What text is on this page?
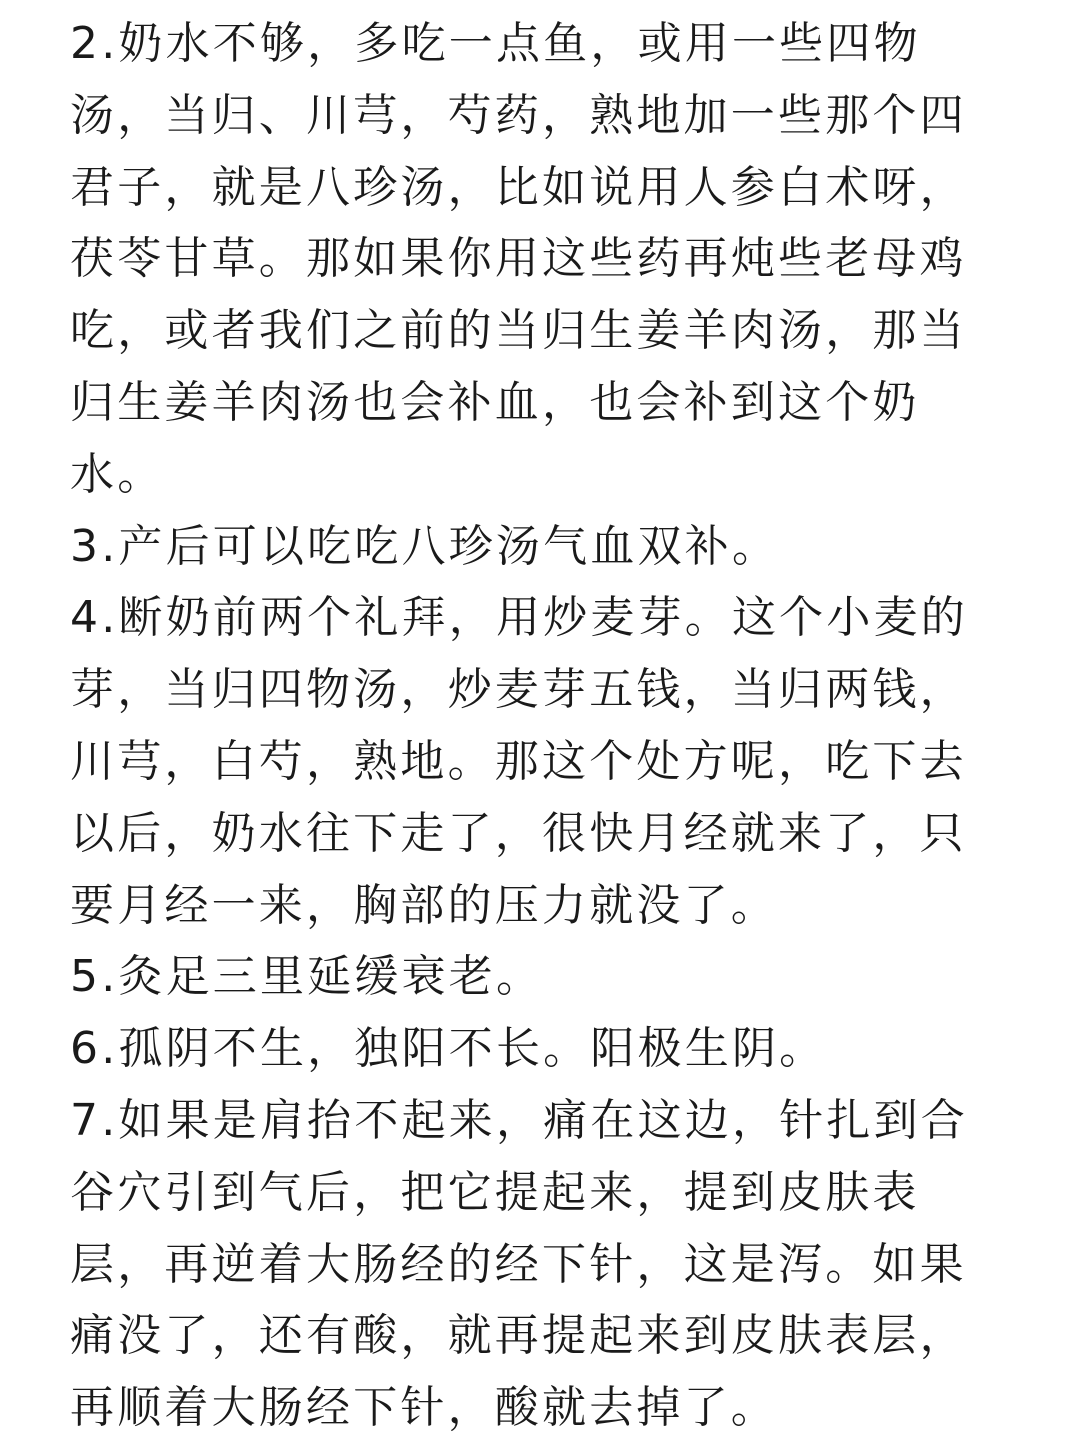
2.奶水不够，多吃一点鱼，或用一些四物汤，当归、川芎，芍药，熟地加一些那个四君子，就是八珍汤，比如说用人参白术呀，茯苓甘草。那如果你用这些药再炖些老母鸡吃，或者我们之前的当归生姜羊肉汤，那当归生姜羊肉汤也会补血，也会补到这个奶水。

3.产后可以吃吃八珍汤气血双补。

4.断奶前两个礼拜，用炒麦芽。这个小麦的芽，当归四物汤，炒麦芽五钱，当归两钱，川芎，白芍，熟地。那这个处方呢，吃下去以后，奶水往下走了，很快月经就来了，只要月经一来，胸部的压力就没了。

5.灸足三里延缓衰老。

6.孤阴不生，独阳不长。阳极生阴。

7.如果是肩抬不起来，痛在这边，针扎到合谷穴引到气后，把它提起来，提到皮肤表层，再逆着大肠经的经下针，这是泻。如果痛没了，还有酸，就再提起来到皮肤表层，再顺着大肠经下针，酸就去掉了。
